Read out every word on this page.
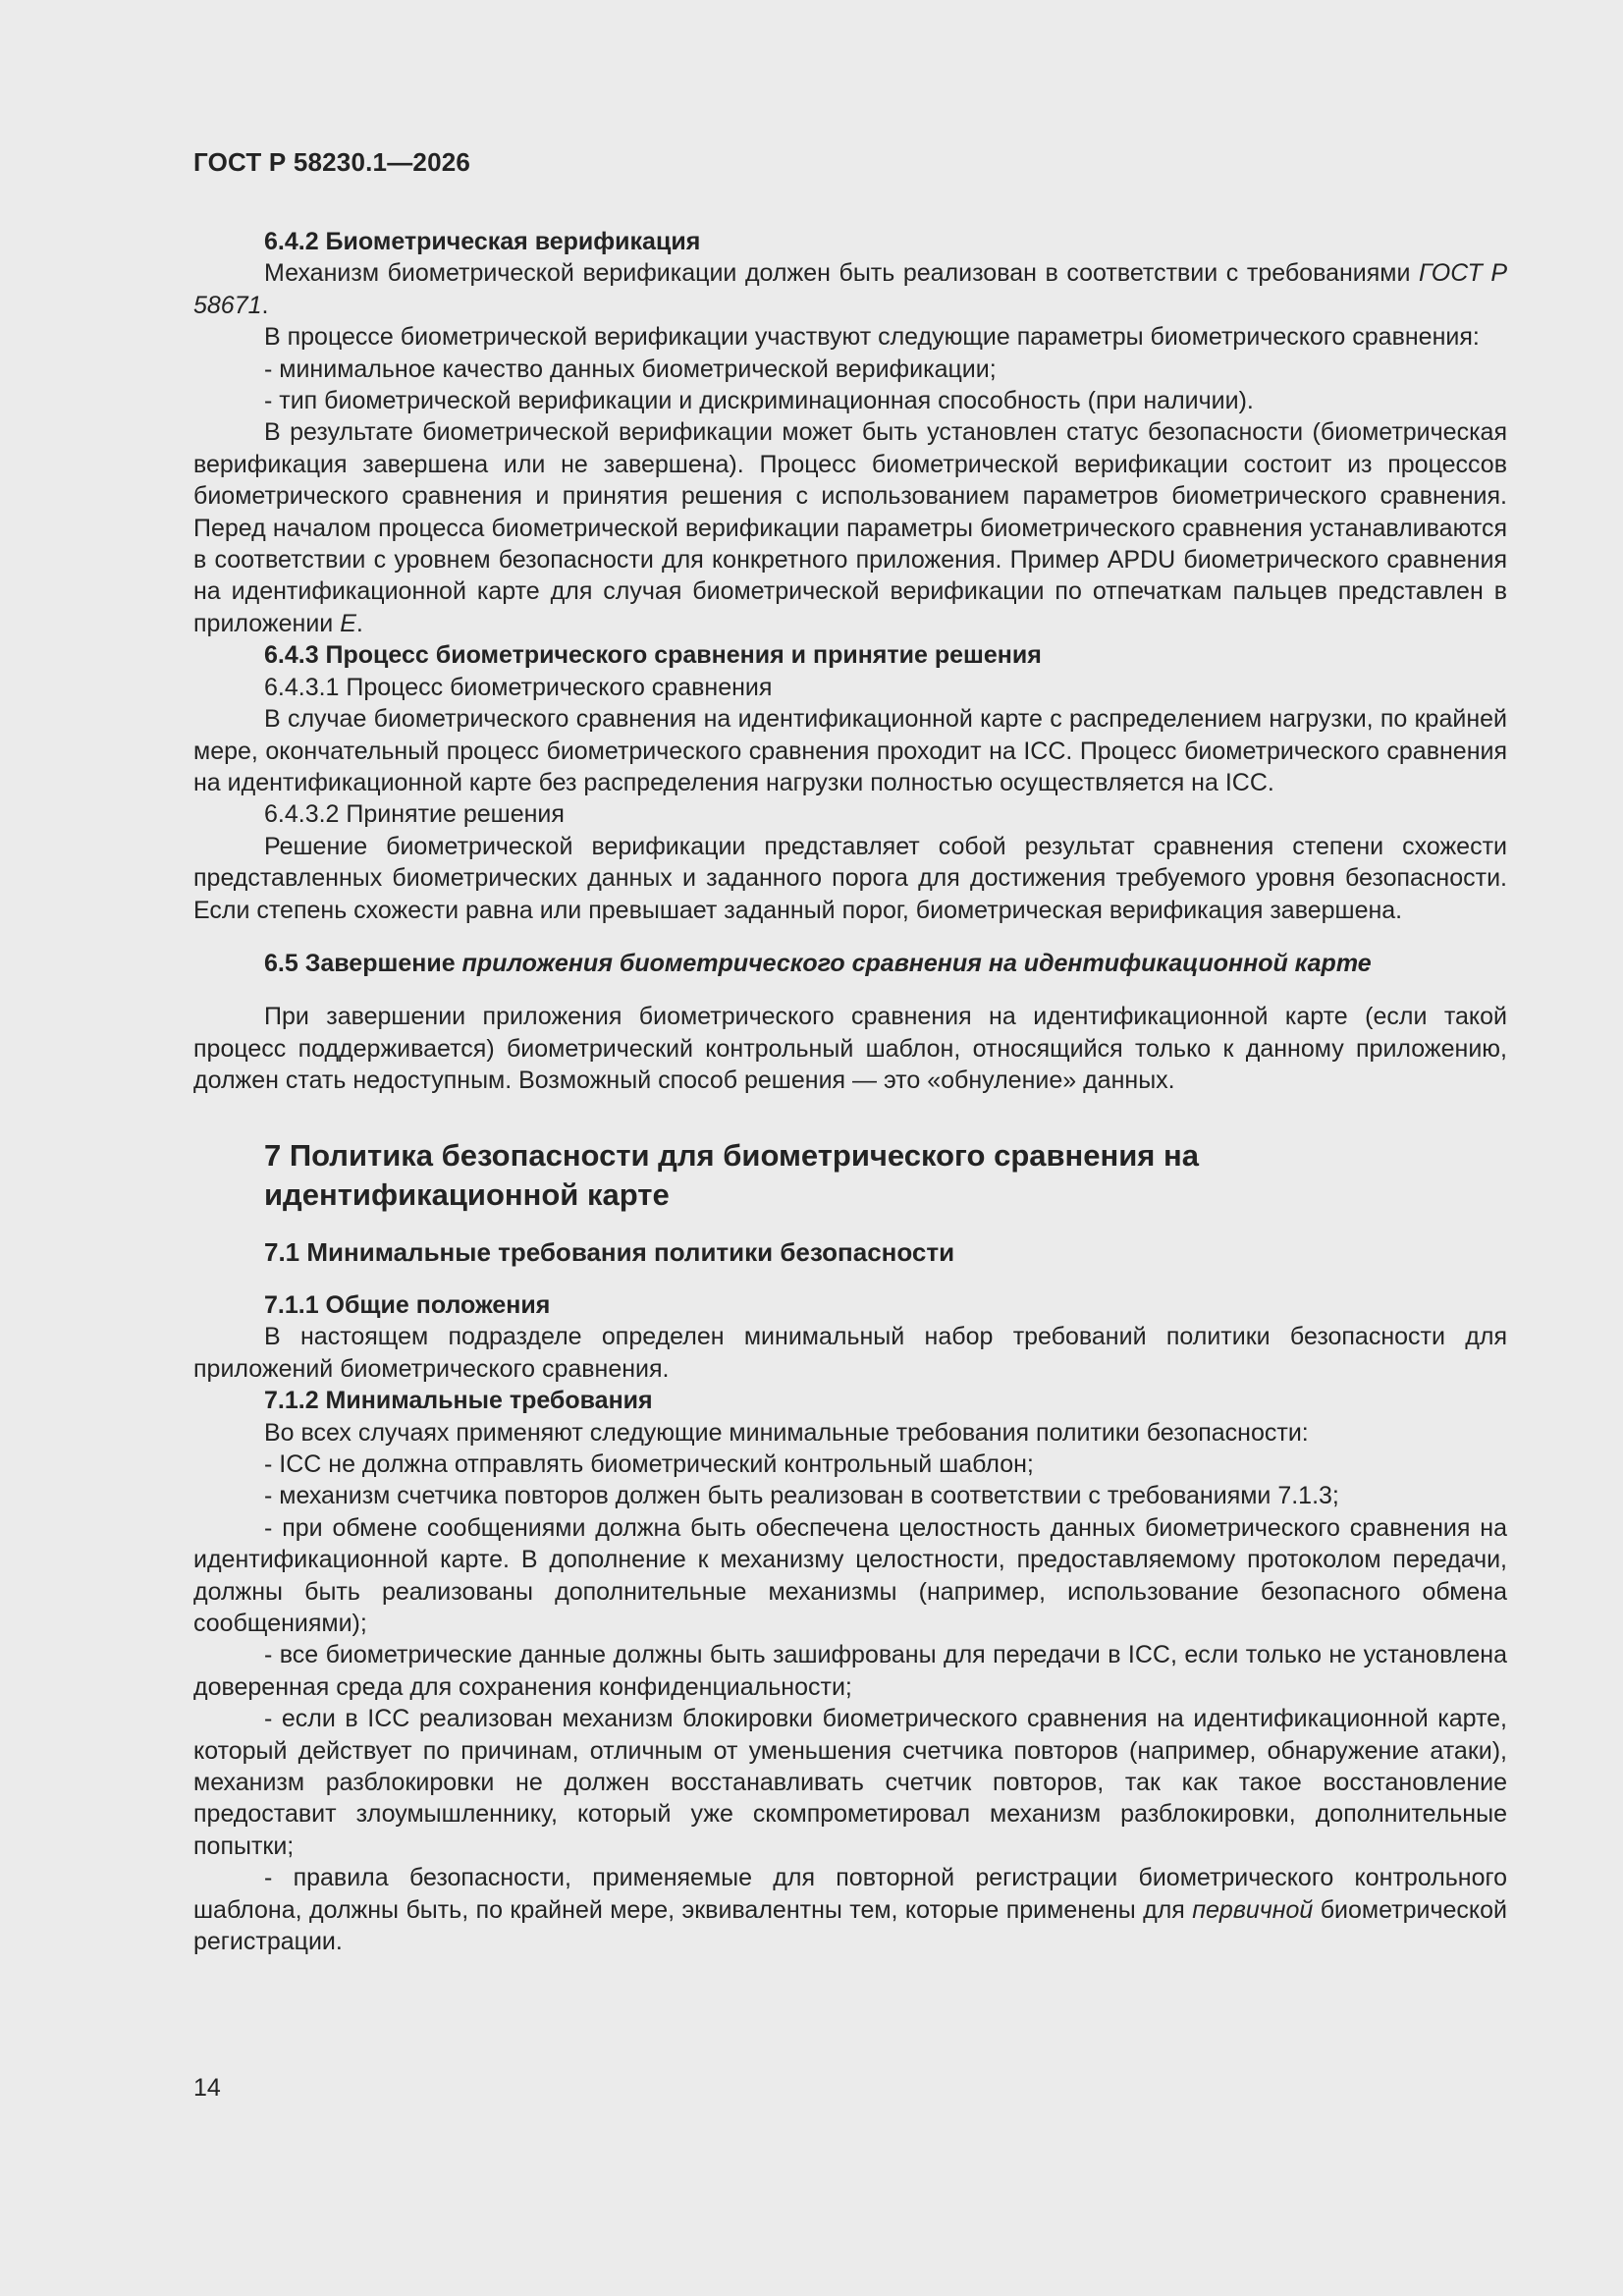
ГОСТ Р 58230.1—2026

6.4.2 Биометрическая верификация

Механизм биометрической верификации должен быть реализован в соответствии с требованиями ГОСТ Р 58671.

В процессе биометрической верификации участвуют следующие параметры биометрического сравнения:

- минимальное качество данных биометрической верификации;

- тип биометрической верификации и дискриминационная способность (при наличии).

В результате биометрической верификации может быть установлен статус безопасности (биометрическая верификация завершена или не завершена). Процесс биометрической верификации состоит из процессов биометрического сравнения и принятия решения с использованием параметров биометрического сравнения. Перед началом процесса биометрической верификации параметры биометрического сравнения устанавливаются в соответствии с уровнем безопасности для конкретного приложения. Пример APDU биометрического сравнения на идентификационной карте для случая биометрической верификации по отпечаткам пальцев представлен в приложении Е.

6.4.3 Процесс биометрического сравнения и принятие решения

6.4.3.1 Процесс биометрического сравнения

В случае биометрического сравнения на идентификационной карте с распределением нагрузки, по крайней мере, окончательный процесс биометрического сравнения проходит на ICC. Процесс биометрического сравнения на идентификационной карте без распределения нагрузки полностью осуществляется на ICC.

6.4.3.2 Принятие решения

Решение биометрической верификации представляет собой результат сравнения степени схожести представленных биометрических данных и заданного порога для достижения требуемого уровня безопасности. Если степень схожести равна или превышает заданный порог, биометрическая верификация завершена.

6.5 Завершение приложения биометрического сравнения на идентификационной карте

При завершении приложения биометрического сравнения на идентификационной карте (если такой процесс поддерживается) биометрический контрольный шаблон, относящийся только к данному приложению, должен стать недоступным. Возможный способ решения — это «обнуление» данных.

7 Политика безопасности для биометрического сравнения на идентификационной карте

7.1 Минимальные требования политики безопасности

7.1.1 Общие положения

В настоящем подразделе определен минимальный набор требований политики безопасности для приложений биометрического сравнения.

7.1.2 Минимальные требования

Во всех случаях применяют следующие минимальные требования политики безопасности:

- ICC не должна отправлять биометрический контрольный шаблон;

- механизм счетчика повторов должен быть реализован в соответствии с требованиями 7.1.3;

- при обмене сообщениями должна быть обеспечена целостность данных биометрического сравнения на идентификационной карте. В дополнение к механизму целостности, предоставляемому протоколом передачи, должны быть реализованы дополнительные механизмы (например, использование безопасного обмена сообщениями);

- все биометрические данные должны быть зашифрованы для передачи в ICC, если только не установлена доверенная среда для сохранения конфиденциальности;

- если в ICC реализован механизм блокировки биометрического сравнения на идентификационной карте, который действует по причинам, отличным от уменьшения счетчика повторов (например, обнаружение атаки), механизм разблокировки не должен восстанавливать счетчик повторов, так как такое восстановление предоставит злоумышленнику, который уже скомпрометировал механизм разблокировки, дополнительные попытки;

- правила безопасности, применяемые для повторной регистрации биометрического контрольного шаблона, должны быть, по крайней мере, эквивалентны тем, которые применены для первичной биометрической регистрации.

14
